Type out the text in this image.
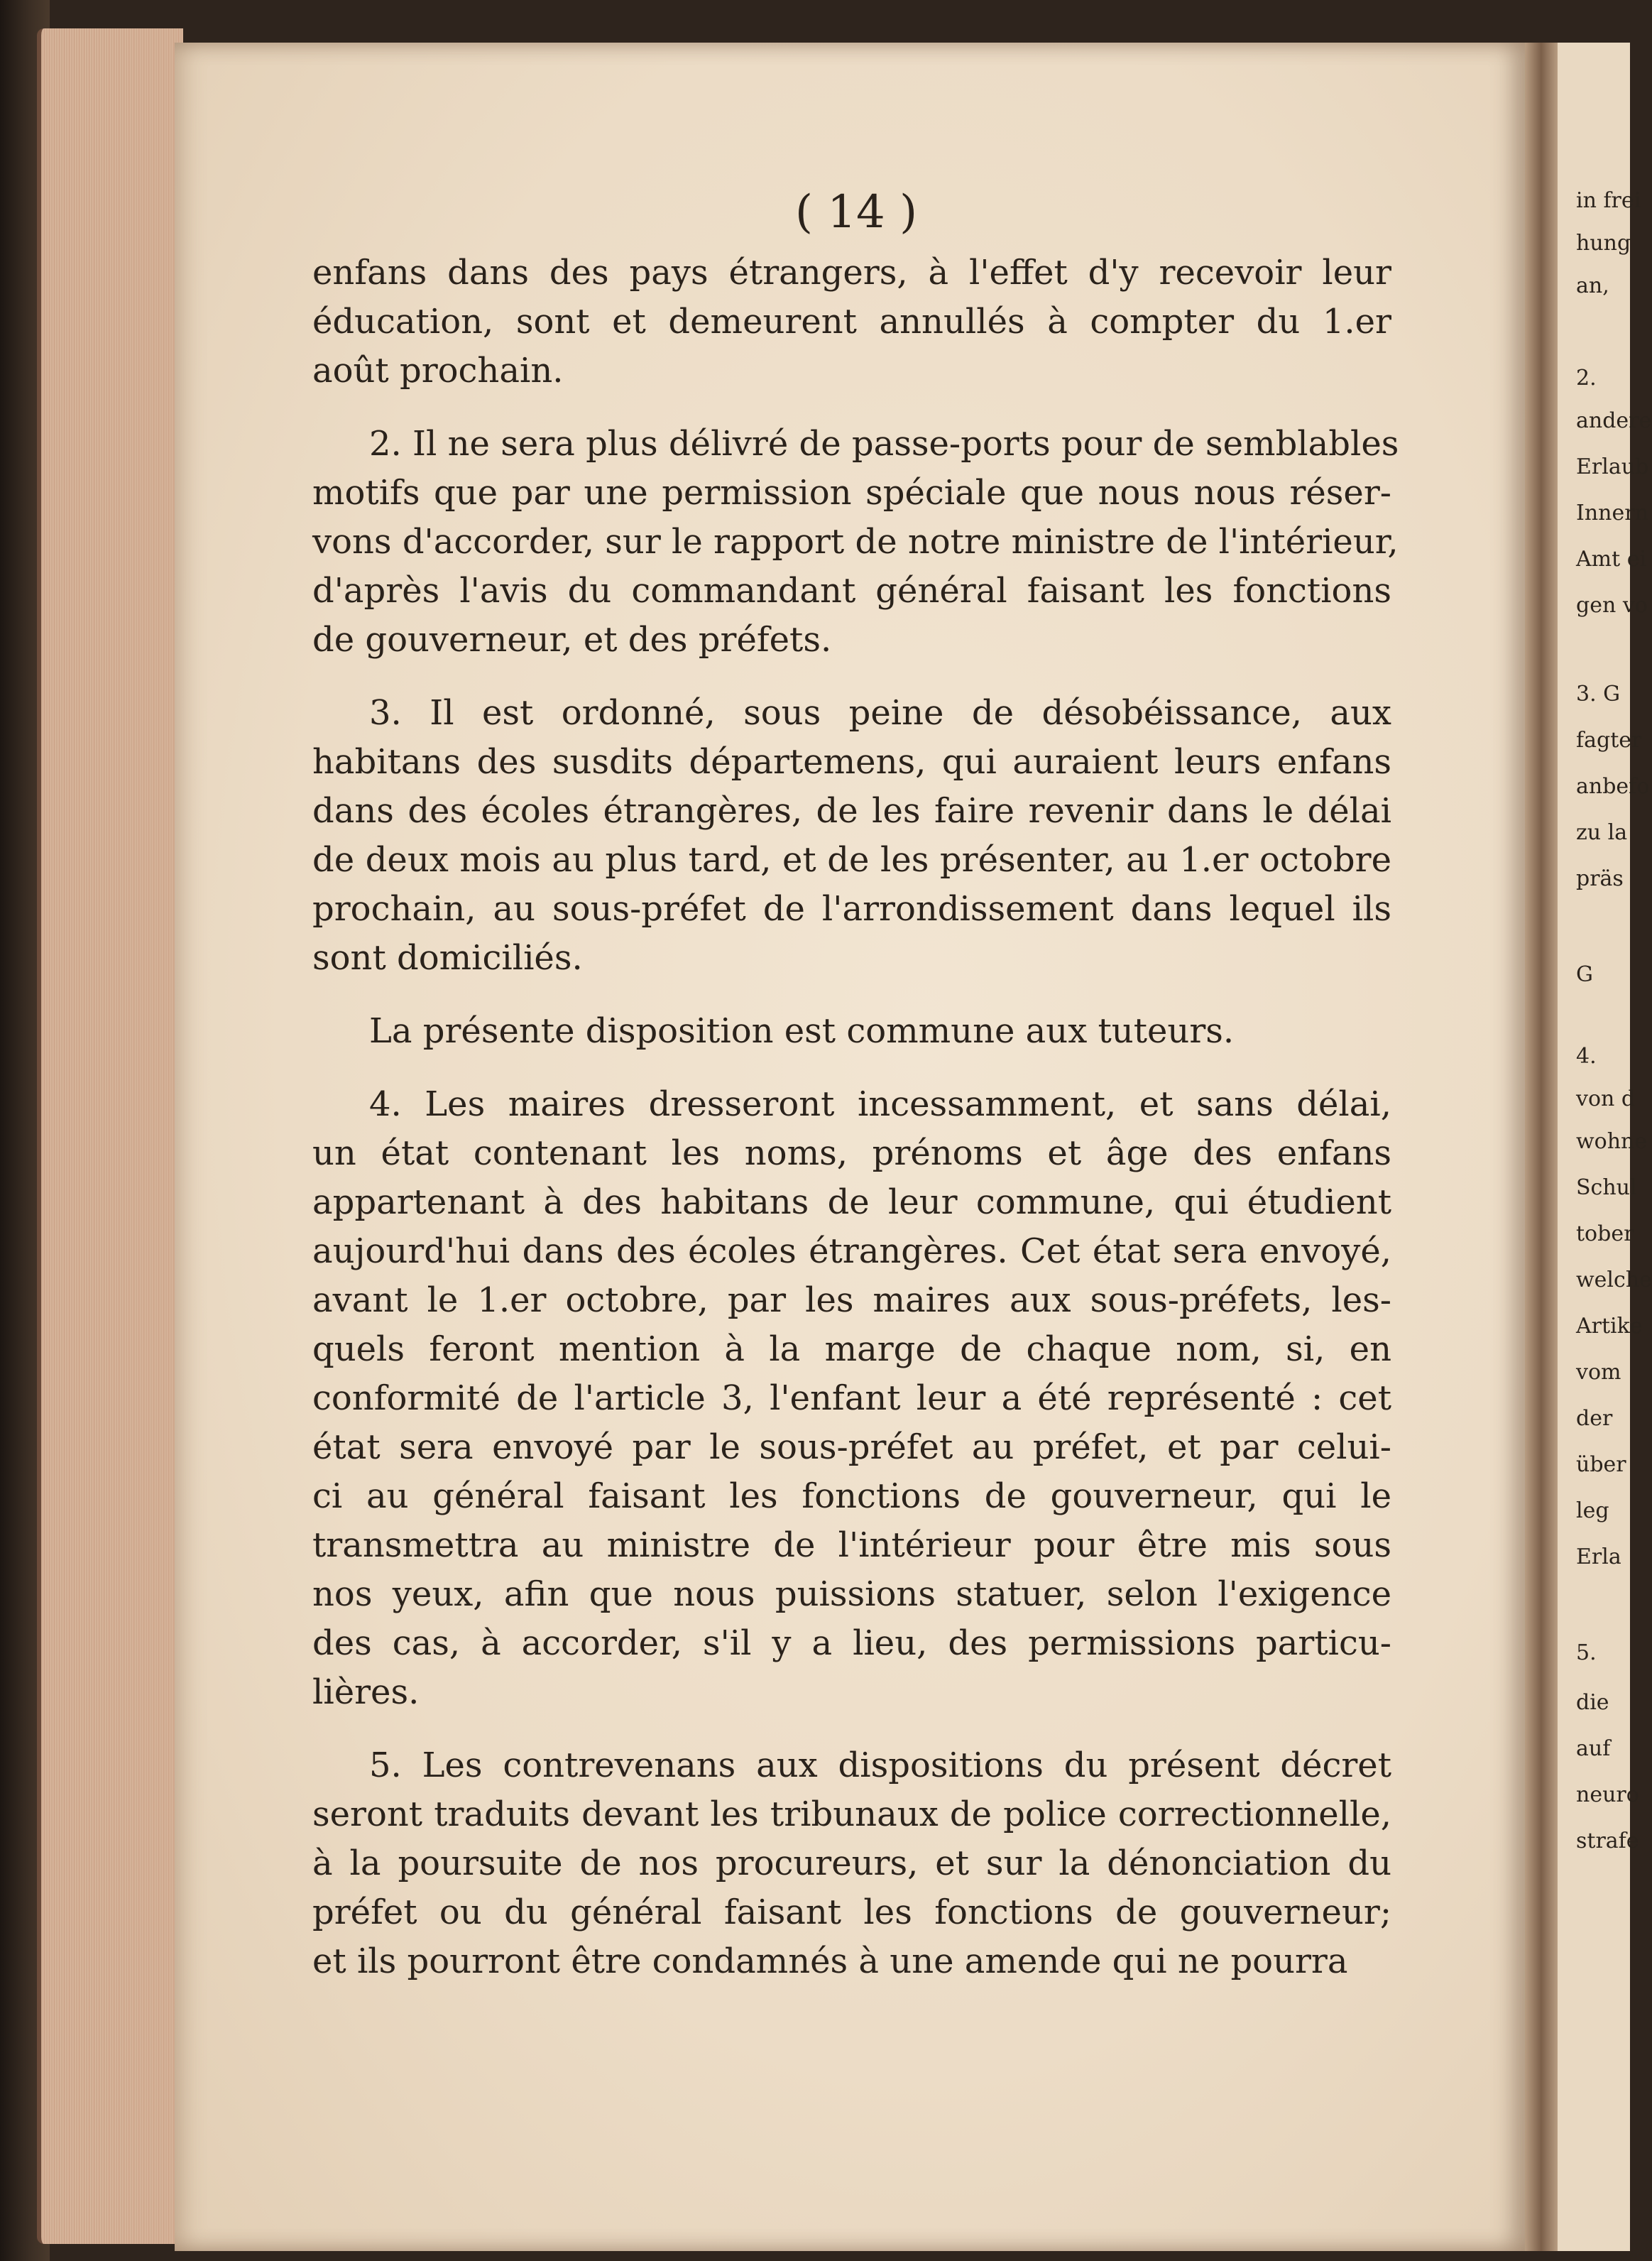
in frei
hung
an,
2.
andere
Erlaub
Innern
Amt ei
gen vo
3. G
fagter
anbefo
zu la
präs
G
4.
von d
wohne
Schul
tober
welche
Artike
vom
der
über
leg
Erla
5.
die
auf
neuro
strafe
( 14 )
enfans dans des pays étrangers, à l'effet d'y recevoir leur
éducation, sont et demeurent annullés à compter du 1.er
août prochain.
2. Il ne sera plus délivré de passe-ports pour de semblables
motifs que par une permission spéciale que nous nous réser-
vons d'accorder, sur le rapport de notre ministre de l'intérieur,
d'après l'avis du commandant général faisant les fonctions
de gouverneur, et des préfets.
3. Il est ordonné, sous peine de désobéissance, aux
habitans des susdits départemens, qui auraient leurs enfans
dans des écoles étrangères, de les faire revenir dans le délai
de deux mois au plus tard, et de les présenter, au 1.er octobre
prochain, au sous-préfet de l'arrondissement dans lequel ils
sont domiciliés.
La présente disposition est commune aux tuteurs.
4. Les maires dresseront incessamment, et sans délai,
un état contenant les noms, prénoms et âge des enfans
appartenant à des habitans de leur commune, qui étudient
aujourd'hui dans des écoles étrangères. Cet état sera envoyé,
avant le 1.er octobre, par les maires aux sous-préfets, les-
quels feront mention à la marge de chaque nom, si, en
conformité de l'article 3, l'enfant leur a été représenté : cet
état sera envoyé par le sous-préfet au préfet, et par celui-
ci au général faisant les fonctions de gouverneur, qui le
transmettra au ministre de l'intérieur pour être mis sous
nos yeux, afin que nous puissions statuer, selon l'exigence
des cas, à accorder, s'il y a lieu, des permissions particu-
lières.
5. Les contrevenans aux dispositions du présent décret
seront traduits devant les tribunaux de police correctionnelle,
à la poursuite de nos procureurs, et sur la dénonciation du
préfet ou du général faisant les fonctions de gouverneur;
et ils pourront être condamnés à une amende qui ne pourra
